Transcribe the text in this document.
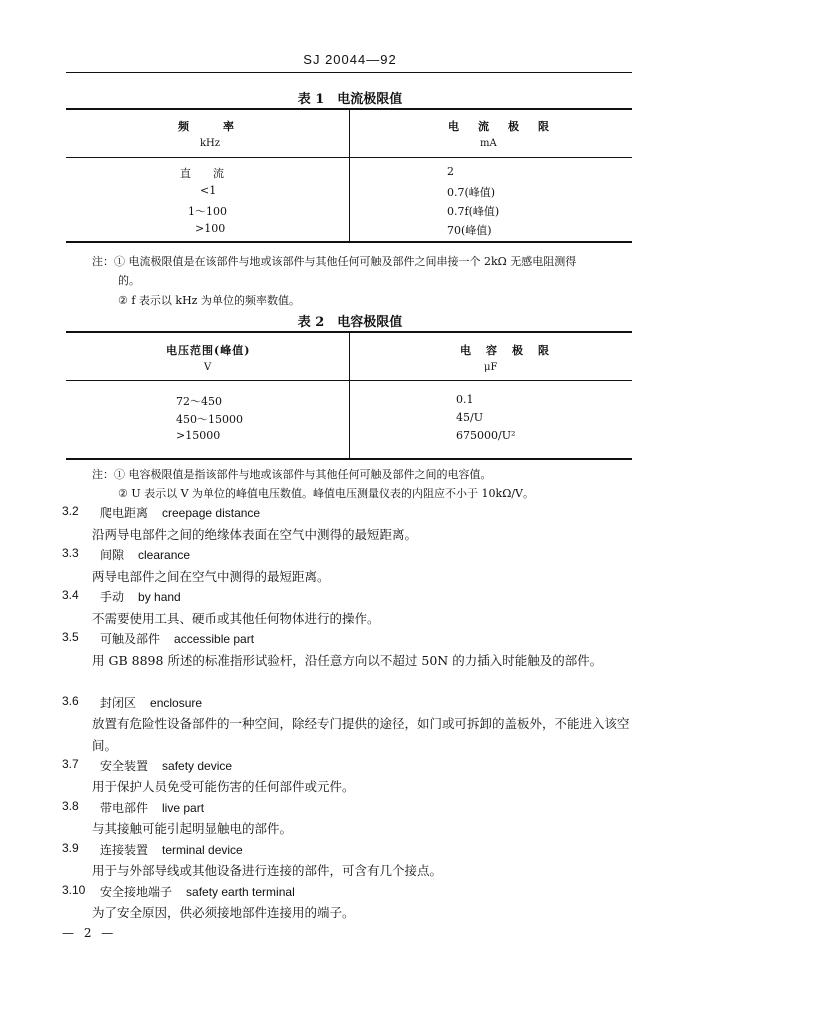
SJ 20044—92
表 1　电流极限值
频　　率
kHz
电　流　极　限
mA
直　　流	2
<1	0.7(峰值)
1～100	0.7f(峰值)
>100	70(峰值)
注：① 电流极限值是在该部件与地或该部件与其他任何可触及部件之间串接一个 2kΩ 无感电阻测得
的。
② f 表示以 kHz 为单位的频率数值。
表 2　电容极限值
电压范围(峰值)
V
电　容　极　限
μF
72～450	0.1
450～15000	45/U
>15000	675000/U²
注：① 电容极限值是指该部件与地或该部件与其他任何可触及部件之间的电容值。
② U 表示以 V 为单位的峰值电压数值。峰值电压测量仪表的内阻应不小于 10kΩ/V。
3.2 爬电距离 creepage distance
沿两导电部件之间的绝缘体表面在空气中测得的最短距离。
3.3 间隙 clearance
两导电部件之间在空气中测得的最短距离。
3.4 手动 by hand
不需要使用工具、硬币或其他任何物体进行的操作。
3.5 可触及部件 accessible part
用 GB 8898 所述的标准指形试验杆，沿任意方向以不超过 50N 的力插入时能触及的部件。
3.6 封闭区 enclosure
放置有危险性设备部件的一种空间，除经专门提供的途径，如门或可拆卸的盖板外，不能进入该空间。
3.7 安全装置 safety device
用于保护人员免受可能伤害的任何部件或元件。
3.8 带电部件 live part
与其接触可能引起明显触电的部件。
3.9 连接装置 terminal device
用于与外部导线或其他设备进行连接的部件，可含有几个接点。
3.10 安全接地端子 safety earth terminal
为了安全原因，供必须接地部件连接用的端子。
— 2 —
